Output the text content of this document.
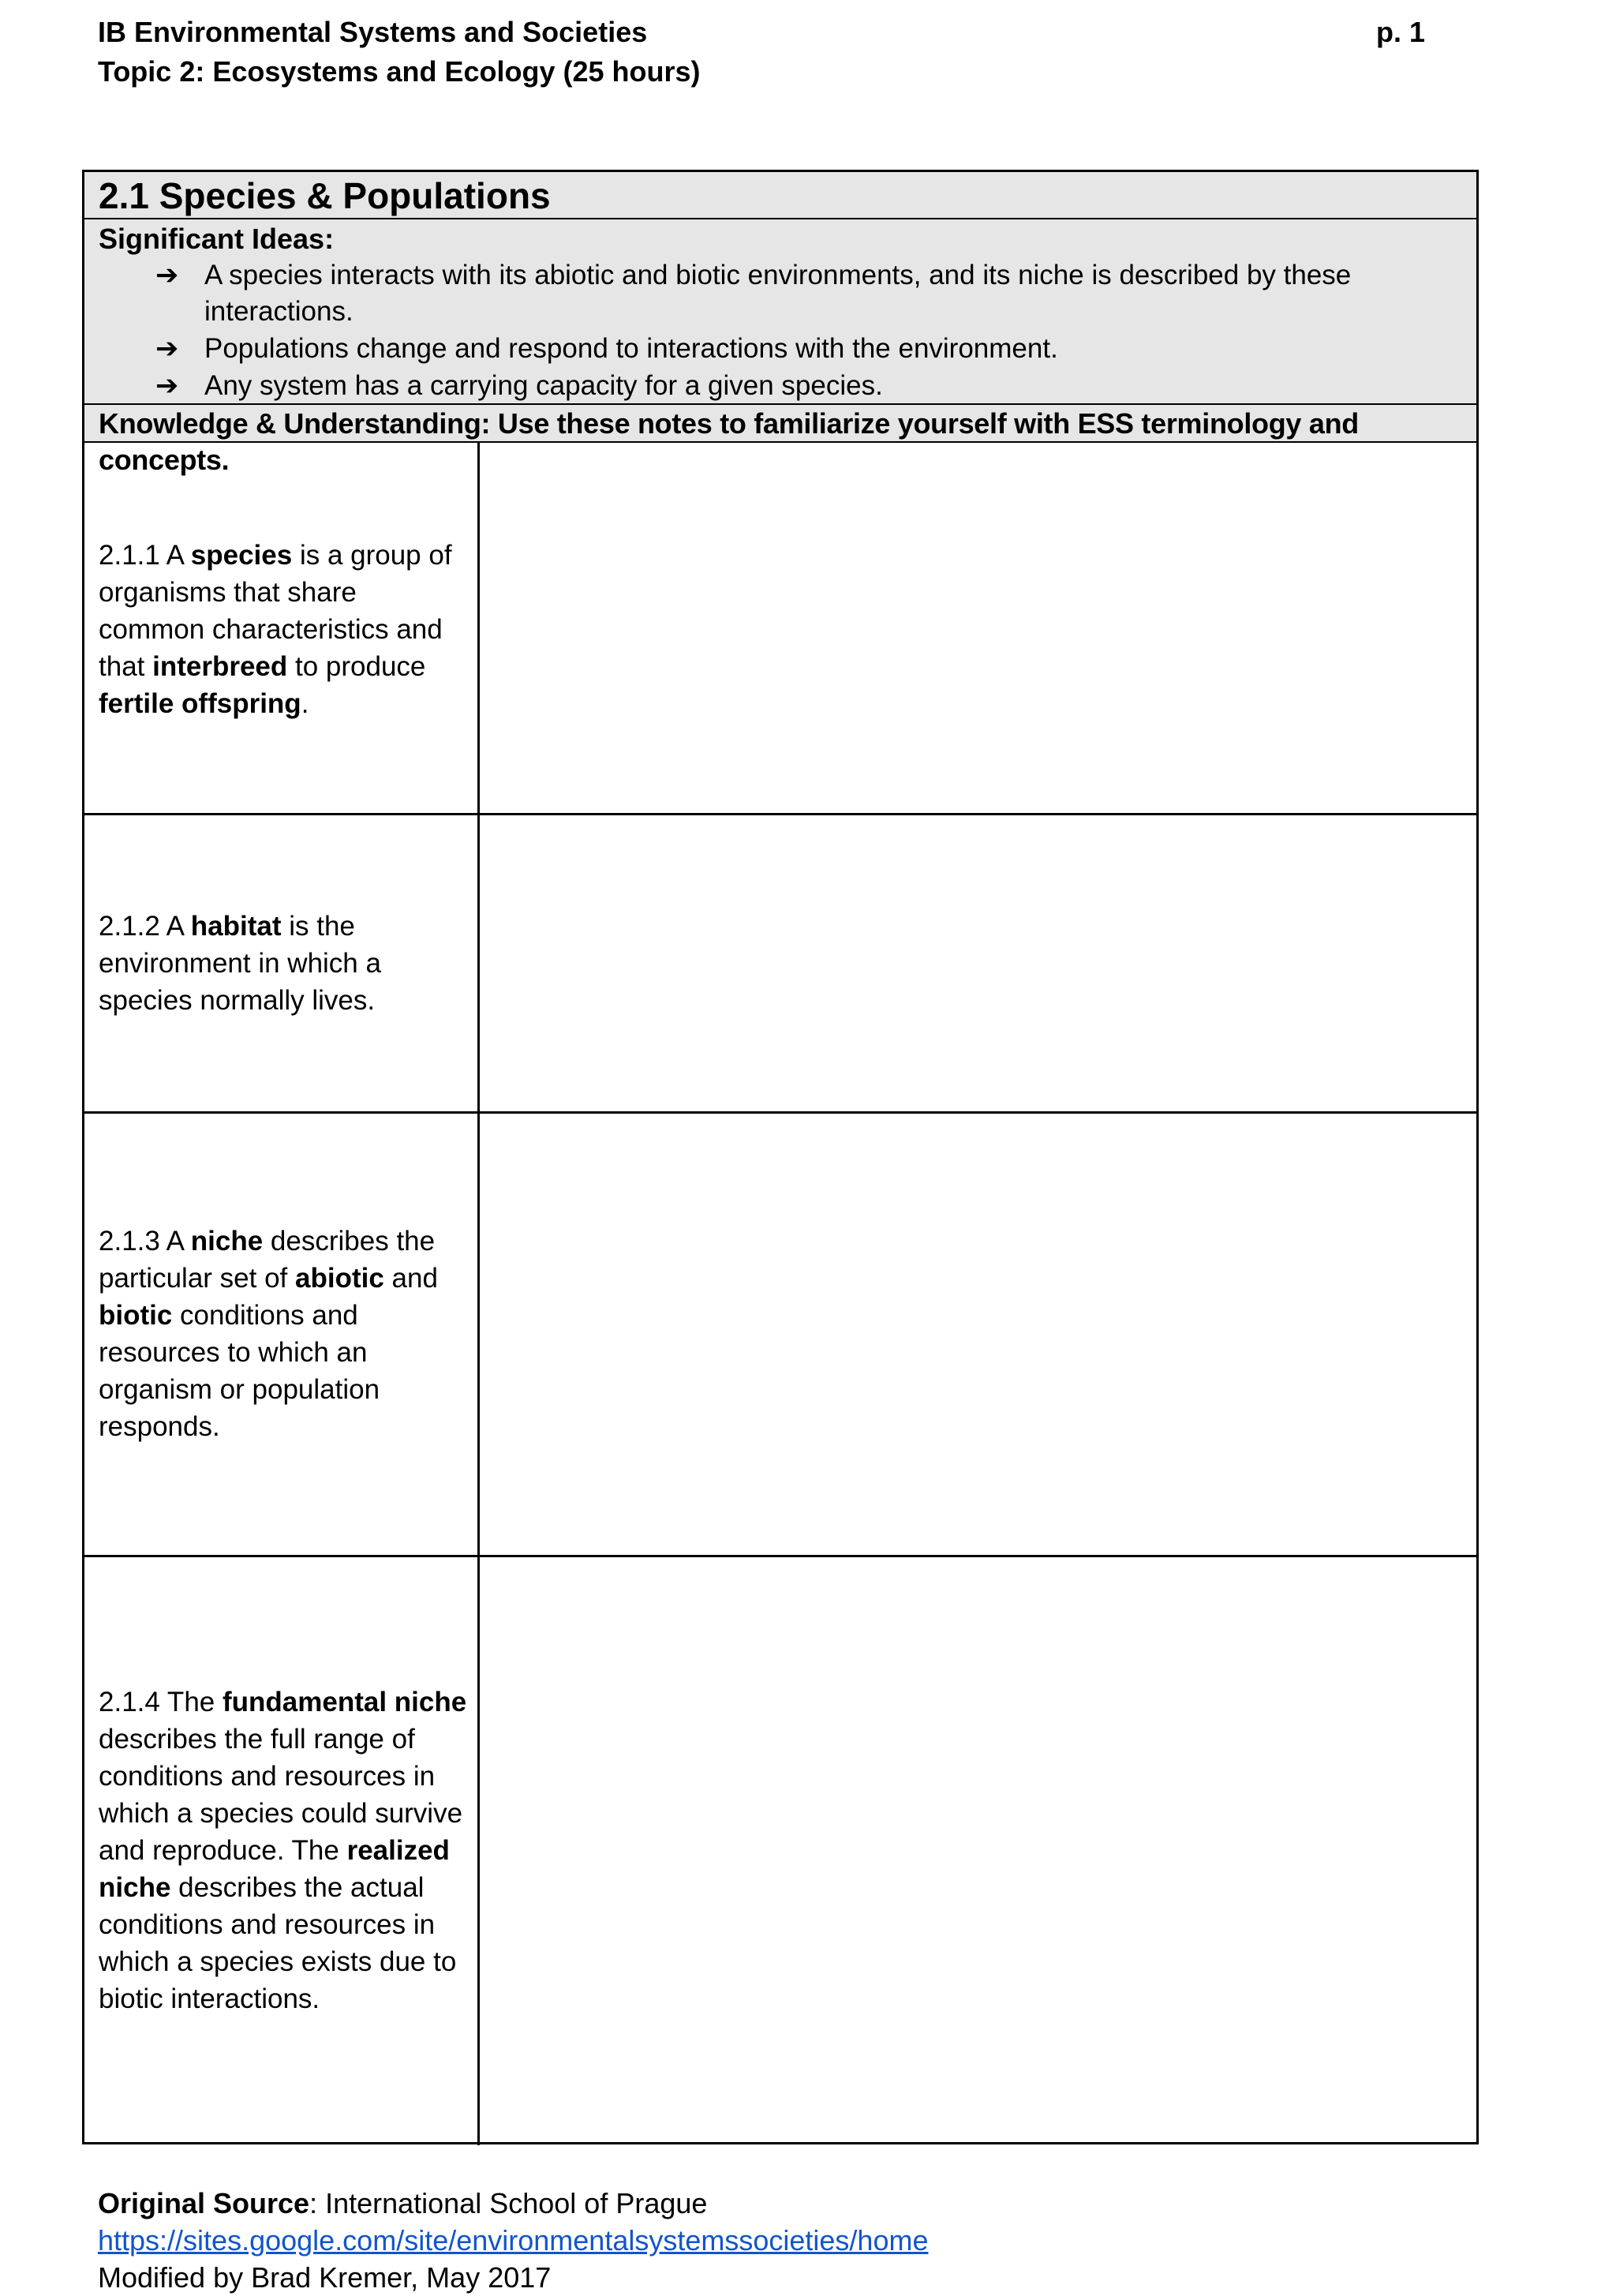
IB Environmental Systems and Societies
Topic 2: Ecosystems and Ecology (25 hours)
p. 1
2.1 Species & Populations
Significant Ideas:
➔ A species interacts with its abiotic and biotic environments, and its niche is described by these interactions.
➔ Any system has a carrying capacity for a given species.
➔ Populations change and respond to interactions with the environment.
Knowledge & Understanding: Use these notes to familiarize yourself with ESS terminology and concepts.
2.1.1 A species is a group of organisms that share common characteristics and that interbreed to produce fertile offspring.
2.1.2 A habitat is the environment in which a species normally lives.
2.1.3 A niche describes the particular set of abiotic and biotic conditions and resources to which an organism or population responds.
2.1.4 The fundamental niche describes the full range of conditions and resources in which a species could survive and reproduce. The realized niche describes the actual conditions and resources in which a species exists due to biotic interactions.
Original Source: International School of Prague
https://sites.google.com/site/environmentalsystemssocieties/home
Modified by Brad Kremer, May 2017
